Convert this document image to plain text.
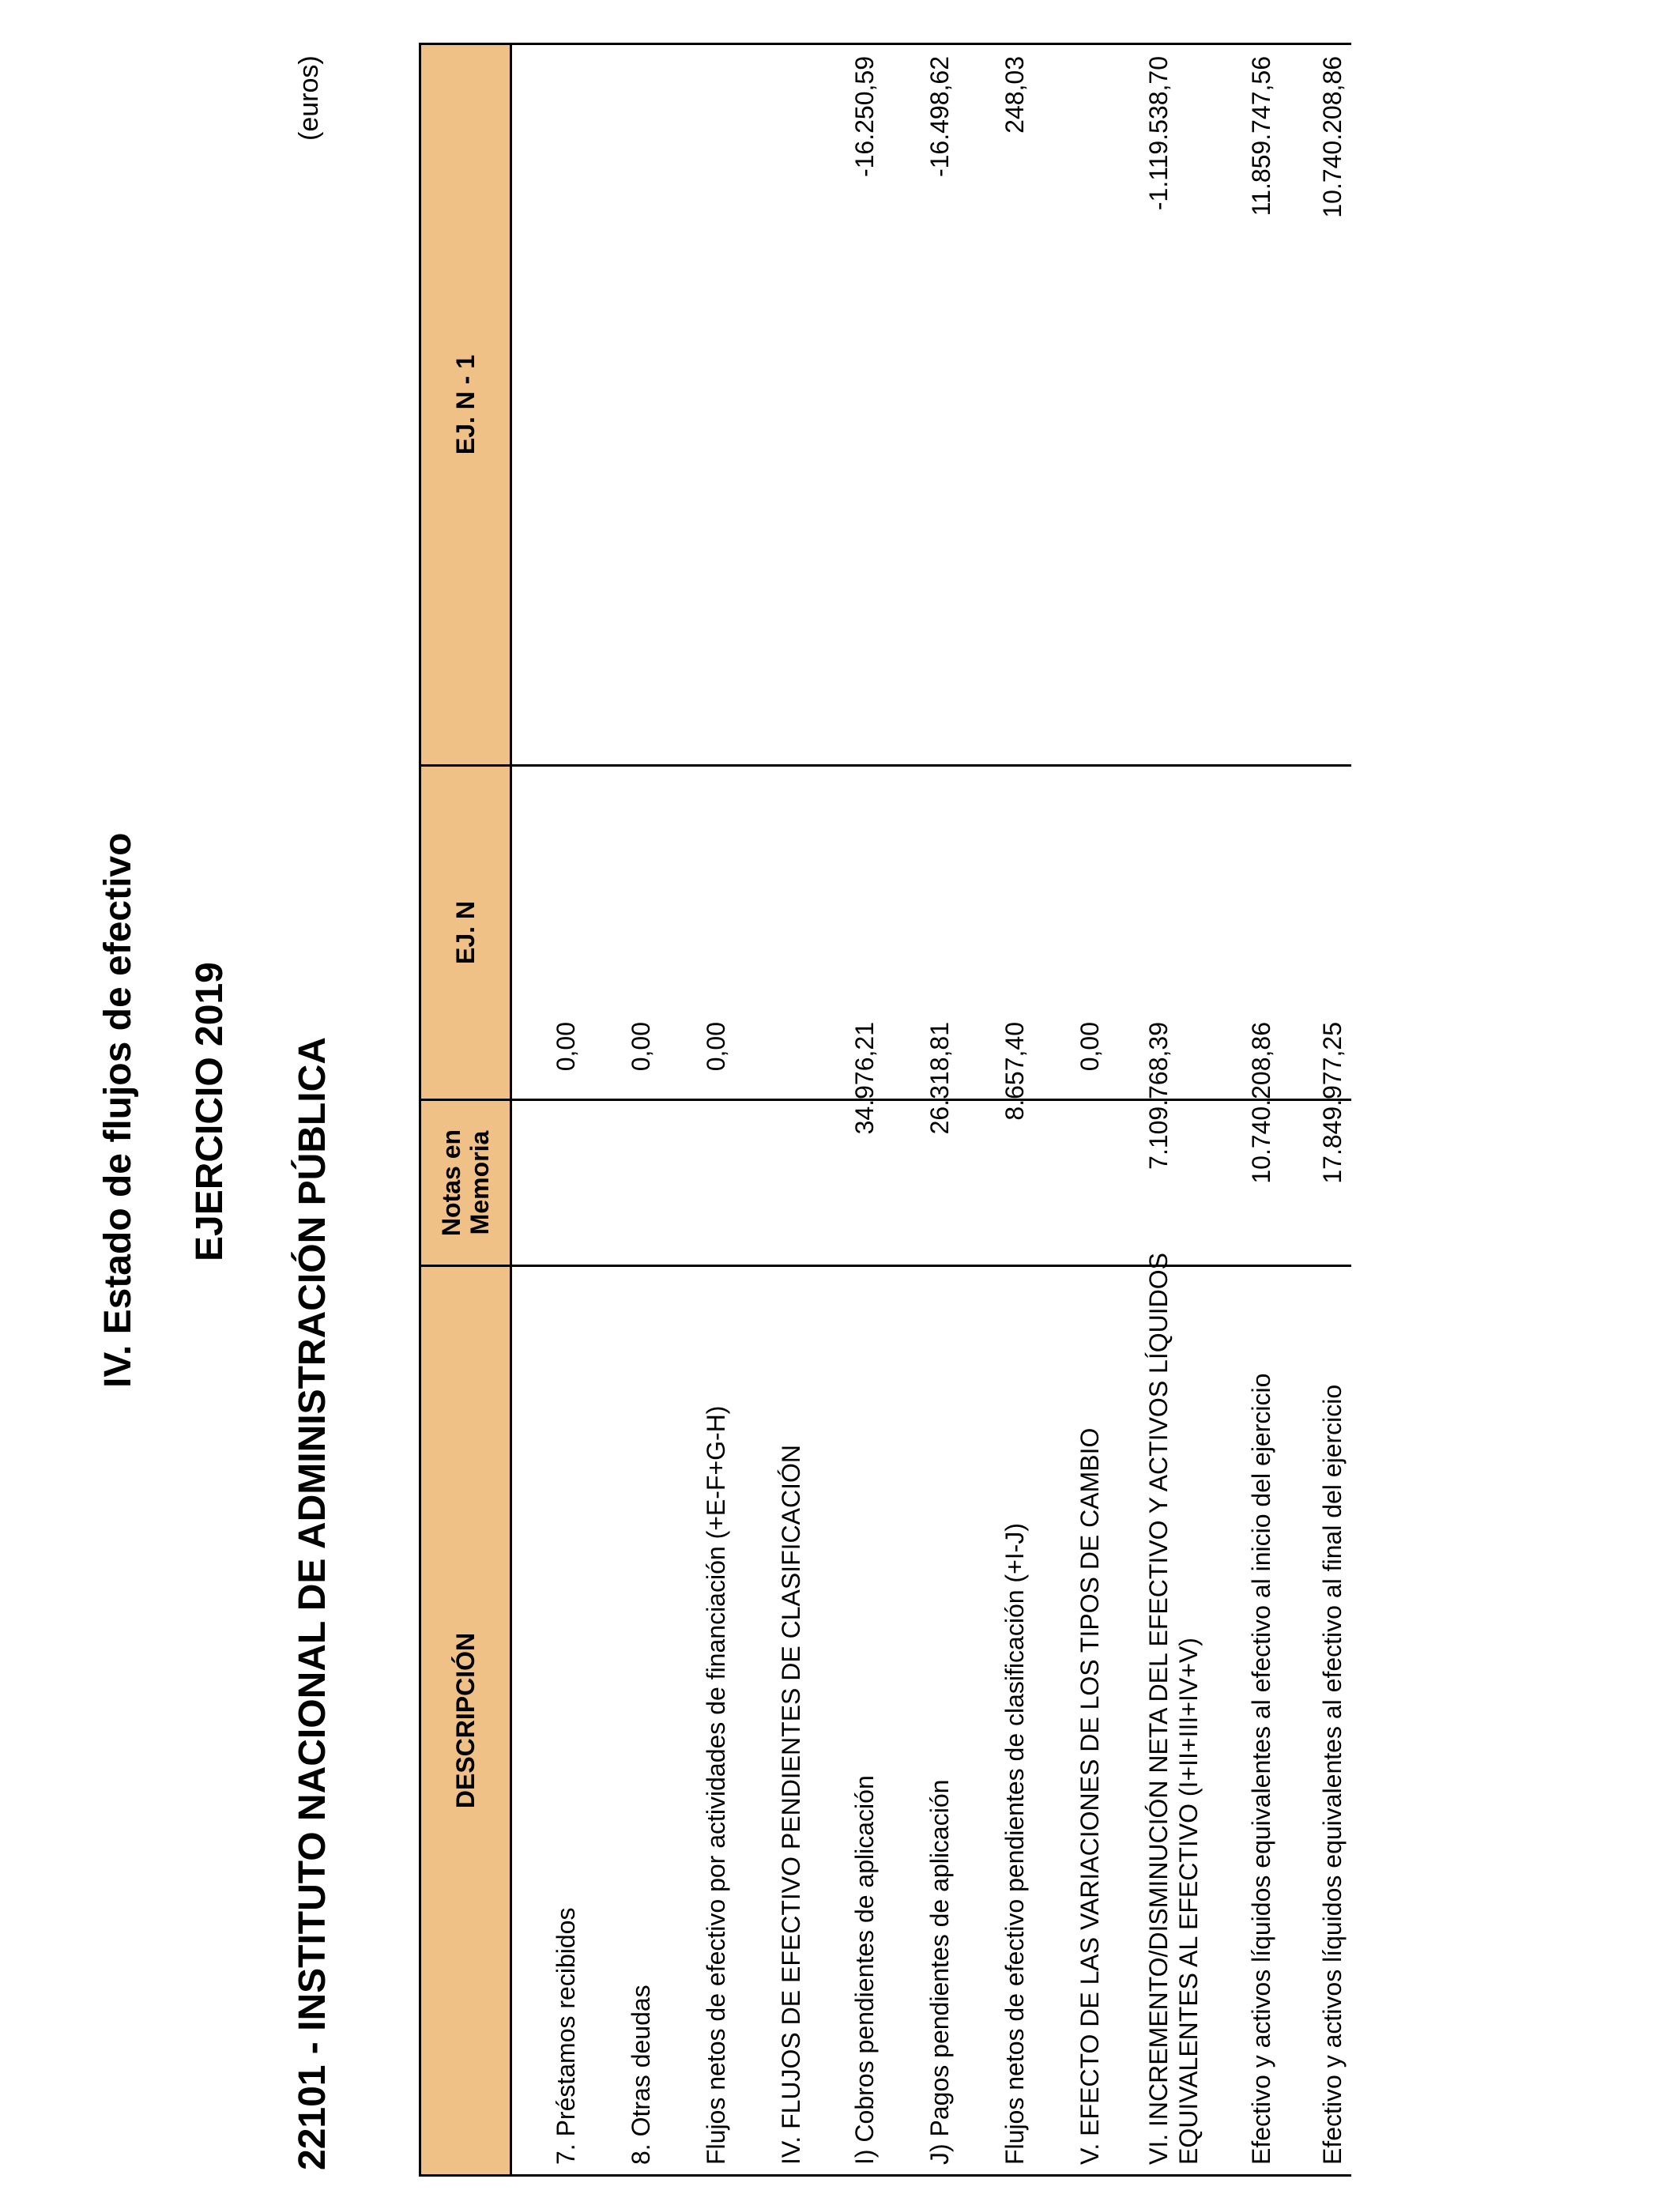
IV. Estado de flujos de efectivo EJERCICIO 2019 22101 - INSTITUTO NACIONAL DE ADMINISTRACIÓN PÚBLICA
(euros)
DESCRIPCIÓN
Notas en Memoria
EJ. N
EJ. N - 1
7. Préstamos recibidos
0,00
8. Otras deudas
0,00
Flujos netos de efectivo por actividades de financiación (+E-F+G-H)
0,00
IV. FLUJOS DE EFECTIVO PENDIENTES DE CLASIFICACIÓN I) Cobros pendientes de aplicación
34.976,21
-16.250,59
J) Pagos pendientes de aplicación
26.318,81
-16.498,62
Flujos netos de efectivo pendientes de clasificación (+I-J)
8.657,40
248,03
V. EFECTO DE LAS VARIACIONES DE LOS TIPOS DE CAMBIO
0,00
VI. INCREMENTO/DISMINUCIÓN NETA DEL EFECTIVO Y ACTIVOS LÍQUIDOS EQUIVALENTES AL EFECTIVO (I+II+III+IV+V)
7.109.768,39
-1.119.538,70
Efectivo y activos líquidos equivalentes al efectivo al inicio del ejercicio
10.740.208,86
11.859.747,56
Efectivo y activos líquidos equivalentes al efectivo al final del ejercicio
17.849.977,25
10.740.208,86
